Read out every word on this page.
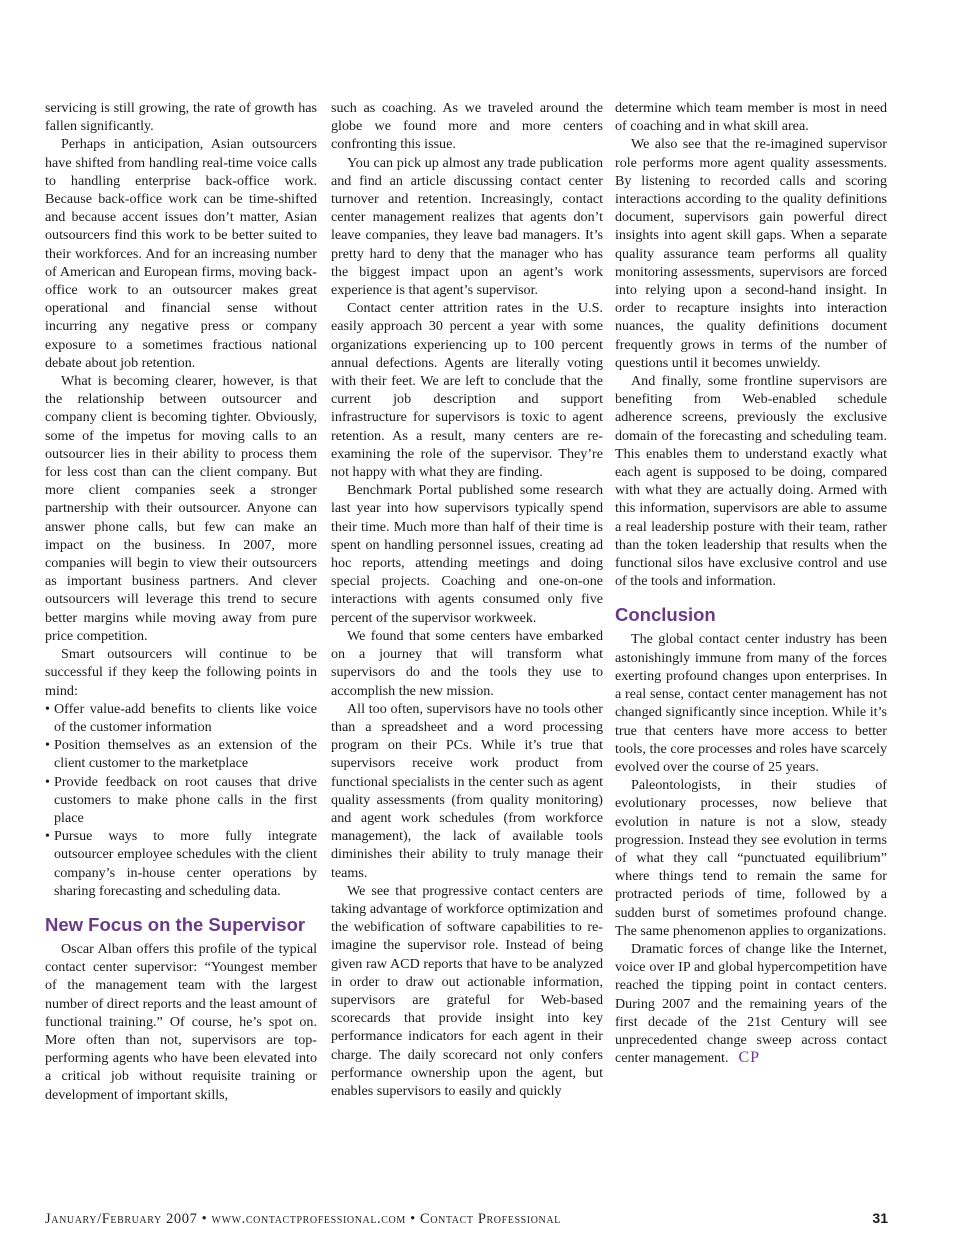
servicing is still growing, the rate of growth has fallen significantly.

Perhaps in anticipation, Asian outsourcers have shifted from handling real-time voice calls to handling enterprise back-office work. Because back-office work can be time-shifted and because accent issues don’t matter, Asian outsourcers find this work to be better suited to their workforces. And for an increasing number of American and European firms, moving back-office work to an outsourcer makes great operational and financial sense without incurring any negative press or company exposure to a sometimes fractious national debate about job retention.

What is becoming clearer, however, is that the relationship between outsourcer and company client is becoming tighter. Obviously, some of the impetus for moving calls to an outsourcer lies in their ability to process them for less cost than can the client company. But more client companies seek a stronger partnership with their outsourcer. Anyone can answer phone calls, but few can make an impact on the business. In 2007, more companies will begin to view their outsourcers as important business partners. And clever outsourcers will leverage this trend to secure better margins while moving away from pure price competition.

Smart outsourcers will continue to be successful if they keep the following points in mind:

• Offer value-add benefits to clients like voice of the customer information
• Position themselves as an extension of the client customer to the marketplace
• Provide feedback on root causes that drive customers to make phone calls in the first place
• Pursue ways to more fully integrate outsourcer employee schedules with the client company’s in-house center operations by sharing forecasting and scheduling data.
New Focus on the Supervisor

Oscar Alban offers this profile of the typical contact center supervisor: “Youngest member of the management team with the largest number of direct reports and the least amount of functional training.” Of course, he’s spot on. More often than not, supervisors are top-performing agents who have been elevated into a critical job without requisite training or development of important skills,

such as coaching. As we traveled around the globe we found more and more centers confronting this issue.

You can pick up almost any trade publication and find an article discussing contact center turnover and retention. Increasingly, contact center management realizes that agents don’t leave companies, they leave bad managers. It’s pretty hard to deny that the manager who has the biggest impact upon an agent’s work experience is that agent’s supervisor.

Contact center attrition rates in the U.S. easily approach 30 percent a year with some organizations experiencing up to 100 percent annual defections. Agents are literally voting with their feet. We are left to conclude that the current job description and support infrastructure for supervisors is toxic to agent retention. As a result, many centers are re-examining the role of the supervisor. They’re not happy with what they are finding.

Benchmark Portal published some research last year into how supervisors typically spend their time. Much more than half of their time is spent on handling personnel issues, creating ad hoc reports, attending meetings and doing special projects. Coaching and one-on-one interactions with agents consumed only five percent of the supervisor workweek.

We found that some centers have embarked on a journey that will transform what supervisors do and the tools they use to accomplish the new mission.

All too often, supervisors have no tools other than a spreadsheet and a word processing program on their PCs. While it’s true that supervisors receive work product from functional specialists in the center such as agent quality assessments (from quality monitoring) and agent work schedules (from workforce management), the lack of available tools diminishes their ability to truly manage their teams.

We see that progressive contact centers are taking advantage of workforce optimization and the webification of software capabilities to re-imagine the supervisor role. Instead of being given raw ACD reports that have to be analyzed in order to draw out actionable information, supervisors are grateful for Web-based scorecards that provide insight into key performance indicators for each agent in their charge. The daily scorecard not only confers performance ownership upon the agent, but enables supervisors to easily and quickly

determine which team member is most in need of coaching and in what skill area.

We also see that the re-imagined supervisor role performs more agent quality assessments. By listening to recorded calls and scoring interactions according to the quality definitions document, supervisors gain powerful direct insights into agent skill gaps. When a separate quality assurance team performs all quality monitoring assessments, supervisors are forced into relying upon a second-hand insight. In order to recapture insights into interaction nuances, the quality definitions document frequently grows in terms of the number of questions until it becomes unwieldy.

And finally, some frontline supervisors are benefiting from Web-enabled schedule adherence screens, previously the exclusive domain of the forecasting and scheduling team. This enables them to understand exactly what each agent is supposed to be doing, compared with what they are actually doing. Armed with this information, supervisors are able to assume a real leadership posture with their team, rather than the token leadership that results when the functional silos have exclusive control and use of the tools and information.

Conclusion

The global contact center industry has been astonishingly immune from many of the forces exerting profound changes upon enterprises. In a real sense, contact center management has not changed significantly since inception. While it’s true that centers have more access to better tools, the core processes and roles have scarcely evolved over the course of 25 years.

Paleontologists, in their studies of evolutionary processes, now believe that evolution in nature is not a slow, steady progression. Instead they see evolution in terms of what they call “punctuated equilibrium” where things tend to remain the same for protracted periods of time, followed by a sudden burst of sometimes profound change. The same phenomenon applies to organizations.

Dramatic forces of change like the Internet, voice over IP and global hypercompetition have reached the tipping point in contact centers. During 2007 and the remaining years of the first decade of the 21st Century will see unprecedented change sweep across contact center management. CP

January/February 2007 • www.contactprofessional.com • Contact Professional	31
